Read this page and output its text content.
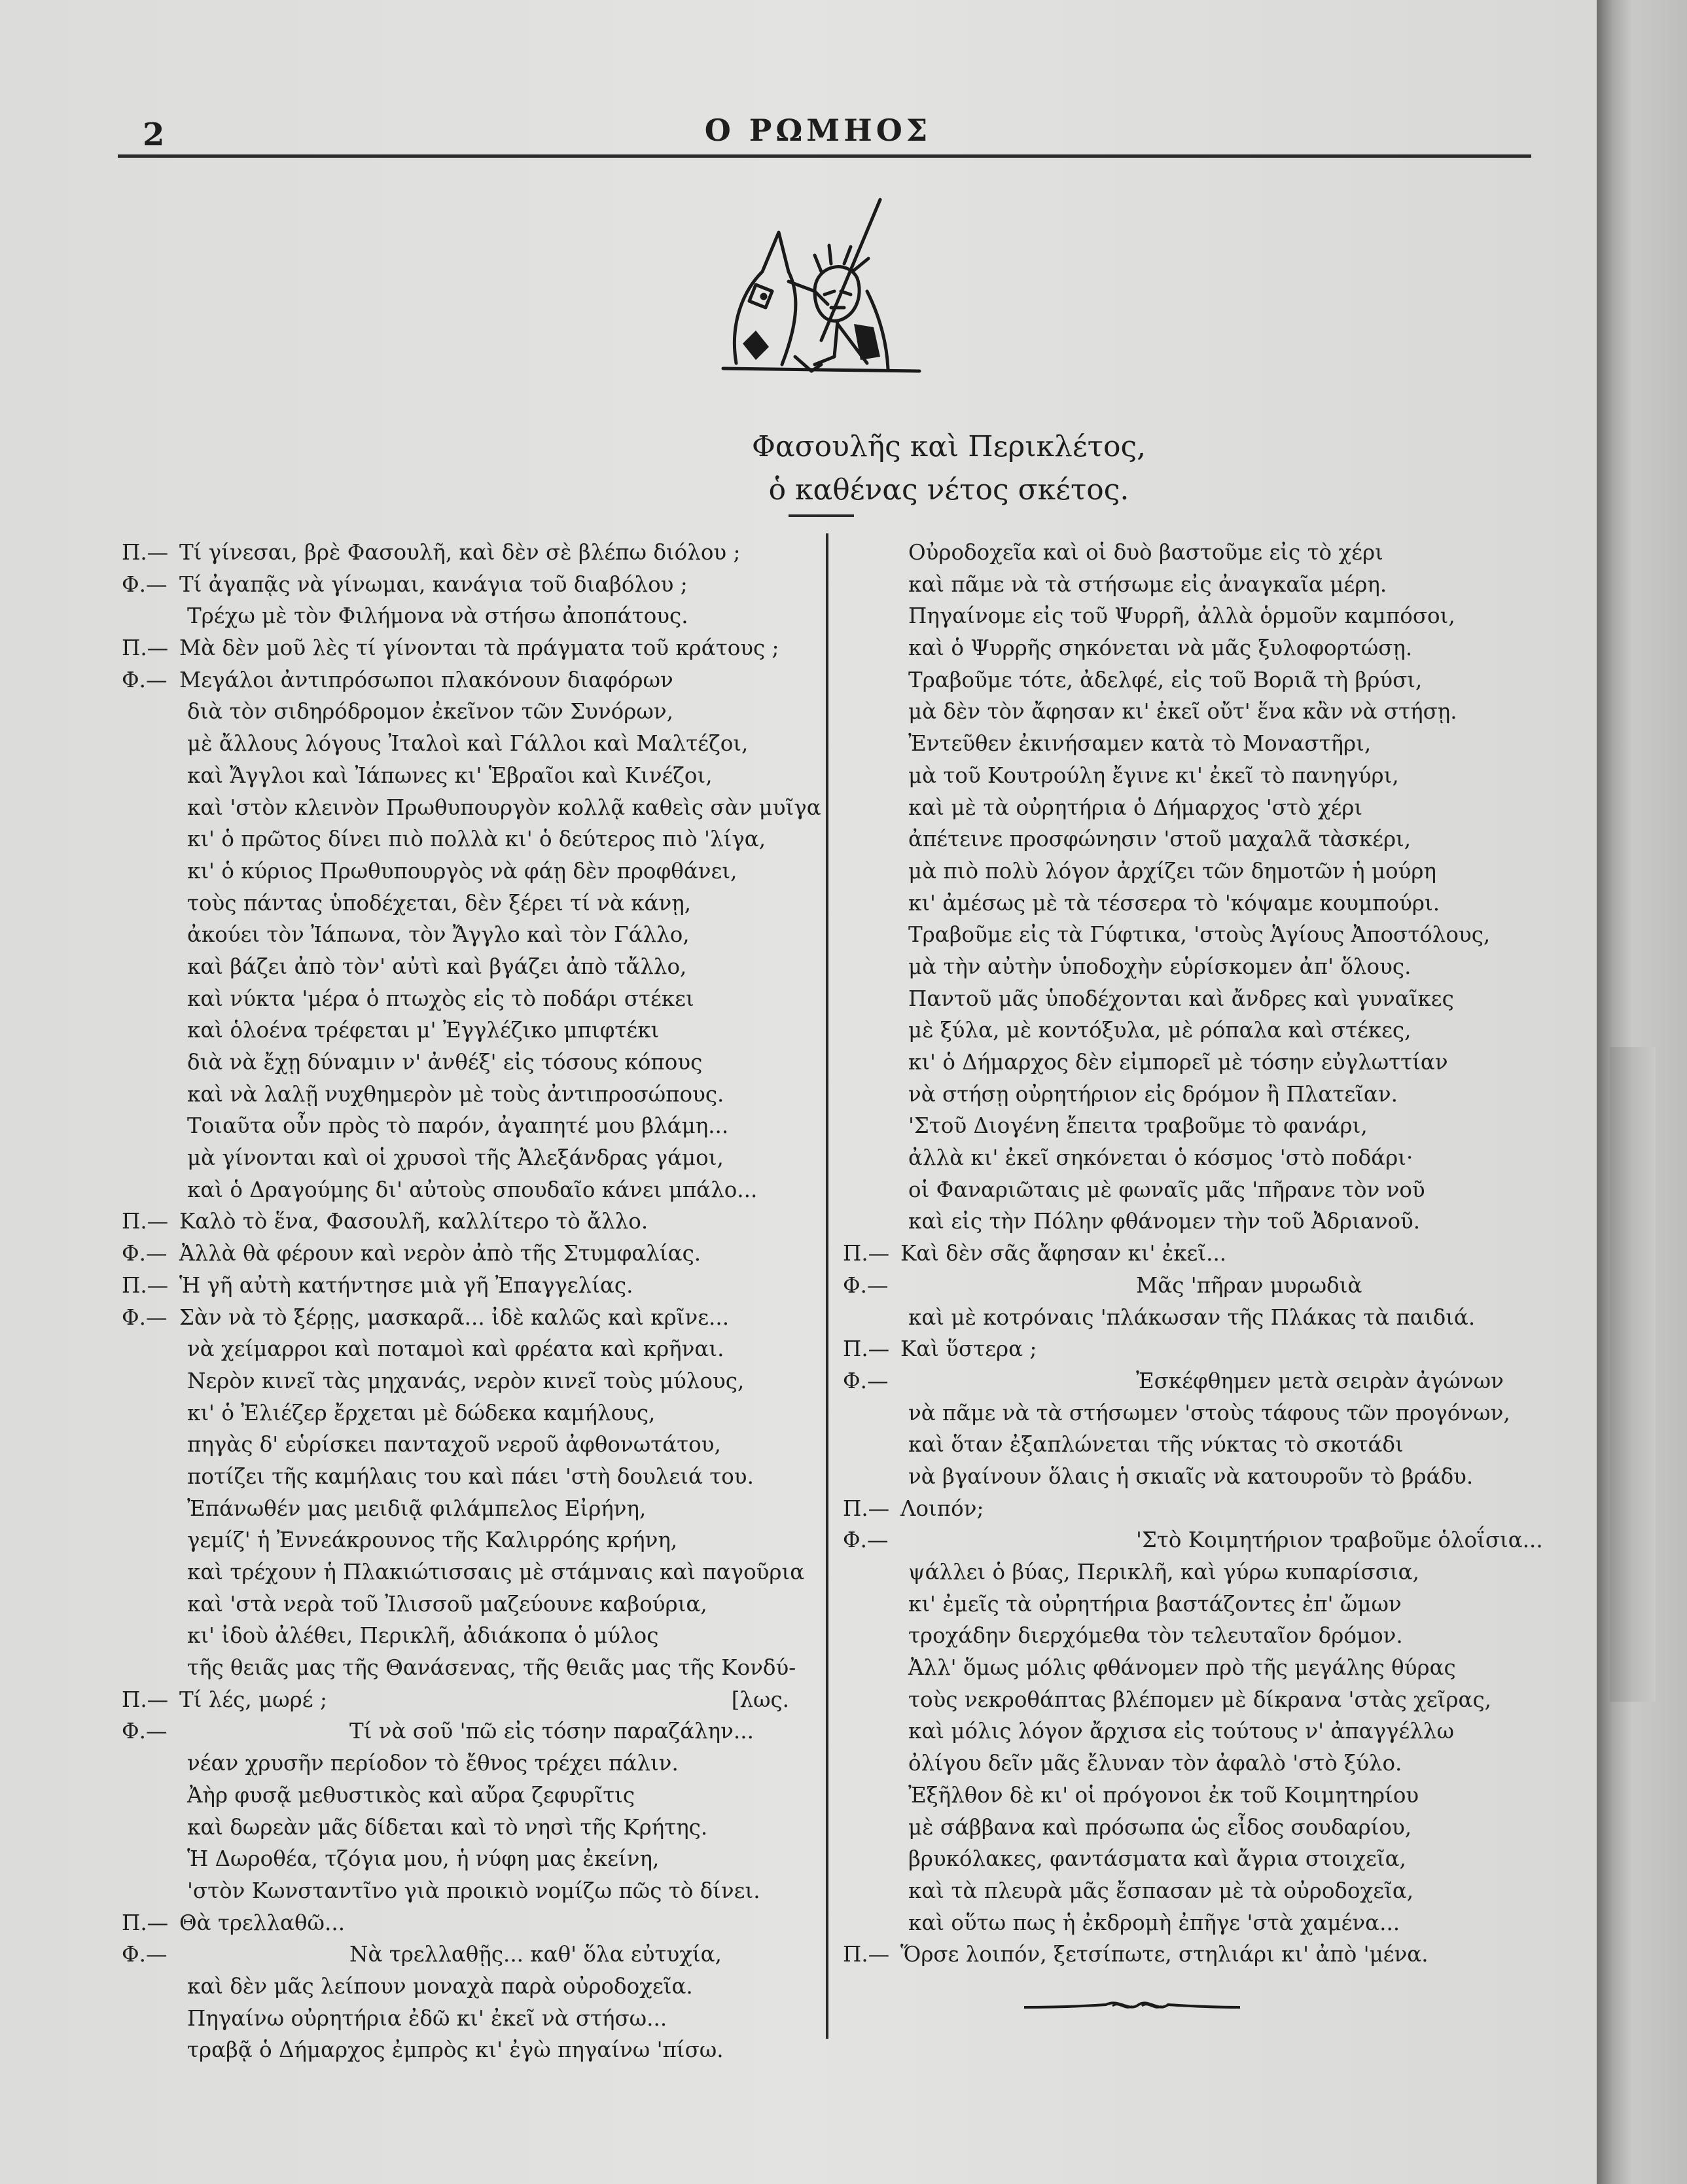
2	Ο ΡΩΜΗΟΣ
Φασουλῆς καὶ Περικλέτος,
ὁ καθένας νέτος σκέτος.
Π.— Τί γίνεσαι, βρὲ Φασουλῆ, καὶ δὲν σὲ βλέπω διόλου ;
Φ.— Τί ἀγαπᾷς νὰ γίνωμαι, κανάγια τοῦ διαβόλου ;
Τρέχω μὲ τὸν Φιλήμονα νὰ στήσω ἀποπάτους.
Π.— Μὰ δὲν μοῦ λὲς τί γίνονται τὰ πράγματα τοῦ κράτους ;
Φ.— Μεγάλοι ἀντιπρόσωποι πλακόνουν διαφόρων
διὰ τὸν σιδηρόδρομον ἐκεῖνον τῶν Συνόρων,
μὲ ἄλλους λόγους Ἰταλοὶ καὶ Γάλλοι καὶ Μαλτέζοι,
καὶ Ἄγγλοι καὶ Ἰάπωνες κι' Ἑβραῖοι καὶ Κινέζοι,
καὶ 'στὸν κλεινὸν Πρωθυπουργὸν κολλᾷ καθεὶς σὰν μυῖγα
κι' ὁ πρῶτος δίνει πιὸ πολλὰ κι' ὁ δεύτερος πιὸ 'λίγα,
κι' ὁ κύριος Πρωθυπουργὸς νὰ φάῃ δὲν προφθάνει,
τοὺς πάντας ὑποδέχεται, δὲν ξέρει τί νὰ κάνῃ,
ἀκούει τὸν Ἰάπωνα, τὸν Ἄγγλο καὶ τὸν Γάλλο,
καὶ βάζει ἀπὸ τὸν' αὐτὶ καὶ βγάζει ἀπὸ τἄλλο,
καὶ νύκτα 'μέρα ὁ πτωχὸς εἰς τὸ ποδάρι στέκει
καὶ ὁλοένα τρέφεται μ' Ἐγγλέζικο μπιφτέκι
διὰ νὰ ἔχῃ δύναμιν ν' ἀνθέξ' εἰς τόσους κόπους
καὶ νὰ λαλῇ νυχθημερὸν μὲ τοὺς ἀντιπροσώπους.
Τοιαῦτα οὖν πρὸς τὸ παρόν, ἀγαπητέ μου βλάμη...
μὰ γίνονται καὶ οἱ χρυσοὶ τῆς Ἀλεξάνδρας γάμοι,
καὶ ὁ Δραγούμης δι' αὐτοὺς σπουδαῖο κάνει μπάλο...
Π.— Καλὸ τὸ ἕνα, Φασουλῆ, καλλίτερο τὸ ἄλλο.
Φ.— Ἀλλὰ θὰ φέρουν καὶ νερὸν ἀπὸ τῆς Στυμφαλίας.
Π.— Ἡ γῆ αὐτὴ κατήντησε μιὰ γῆ Ἐπαγγελίας.
Φ.— Σὰν νὰ τὸ ξέρῃς, μασκαρᾶ... ἰδὲ καλῶς καὶ κρῖνε...
νὰ χείμαρροι καὶ ποταμοὶ καὶ φρέατα καὶ κρῆναι.
Νερὸν κινεῖ τὰς μηχανάς, νερὸν κινεῖ τοὺς μύλους,
κι' ὁ Ἐλιέζερ ἔρχεται μὲ δώδεκα καμήλους,
πηγὰς δ' εὑρίσκει πανταχοῦ νεροῦ ἀφθονωτάτου,
ποτίζει τῆς καμήλαις του καὶ πάει 'στὴ δουλειά του.
Ἐπάνωθέν μας μειδιᾷ φιλάμπελος Εἰρήνη,
γεμίζ' ἡ Ἐννεάκρουνος τῆς Καλιρρόης κρήνη,
καὶ τρέχουν ἡ Πλακιώτισσαις μὲ στάμναις καὶ παγοῦρια
καὶ 'στὰ νερὰ τοῦ Ἰλισσοῦ μαζεύουνε καβούρια,
κι' ἰδοὺ ἀλέθει, Περικλῆ, ἀδιάκοπα ὁ μύλος
τῆς θειᾶς μας τῆς Θανάσενας, τῆς θειᾶς μας τῆς Κονδύ-
Π.— Τί λές, μωρέ ;	[λως.
Φ.—	Τί νὰ σοῦ 'πῶ εἰς τόσην παραζάλην...
νέαν χρυσῆν περίοδον τὸ ἔθνος τρέχει πάλιν.
Ἀὴρ φυσᾷ μεθυστικὸς καὶ αὔρα ζεφυρῖτις
καὶ δωρεὰν μᾶς δίδεται καὶ τὸ νησὶ τῆς Κρήτης.
Ἡ Δωροθέα, τζόγια μου, ἡ νύφη μας ἐκείνη,
'στὸν Κωνσταντῖνο γιὰ προικιὸ νομίζω πῶς τὸ δίνει.
Π.— Θὰ τρελλαθῶ...
Φ.—	Νὰ τρελλαθῇς... καθ' ὅλα εὐτυχία,
καὶ δὲν μᾶς λείπουν μοναχὰ παρὰ οὐροδοχεῖα.
Πηγαίνω οὐρητήρια ἐδῶ κι' ἐκεῖ νὰ στήσω...
τραβᾷ ὁ Δήμαρχος ἐμπρὸς κι' ἐγὼ πηγαίνω 'πίσω.
Οὐροδοχεῖα καὶ οἱ δυὸ βαστοῦμε εἰς τὸ χέρι
καὶ πᾶμε νὰ τὰ στήσωμε εἰς ἀναγκαῖα μέρη.
Πηγαίνομε εἰς τοῦ Ψυρρῆ, ἀλλὰ ὁρμοῦν καμπόσοι,
καὶ ὁ Ψυρρῆς σηκόνεται νὰ μᾶς ξυλοφορτώσῃ.
Τραβοῦμε τότε, ἀδελφέ, εἰς τοῦ Βοριᾶ τὴ βρύσι,
μὰ δὲν τὸν ἄφησαν κι' ἐκεῖ οὔτ' ἕνα κἂν νὰ στήσῃ.
Ἐντεῦθεν ἐκινήσαμεν κατὰ τὸ Μοναστῆρι,
μὰ τοῦ Κουτρούλη ἔγινε κι' ἐκεῖ τὸ πανηγύρι,
καὶ μὲ τὰ οὐρητήρια ὁ Δήμαρχος 'στὸ χέρι
ἀπέτεινε προσφώνησιν 'στοῦ μαχαλᾶ τὰσκέρι,
μὰ πιὸ πολὺ λόγον ἀρχίζει τῶν δημοτῶν ἡ μούρη
κι' ἀμέσως μὲ τὰ τέσσερα τὸ 'κόψαμε κουμπούρι.
Τραβοῦμε εἰς τὰ Γύφτικα, 'στοὺς Ἁγίους Ἀποστόλους,
μὰ τὴν αὐτὴν ὑποδοχὴν εὑρίσκομεν ἀπ' ὅλους.
Παντοῦ μᾶς ὑποδέχονται καὶ ἄνδρες καὶ γυναῖκες
μὲ ξύλα, μὲ κοντόξυλα, μὲ ρόπαλα καὶ στέκες,
κι' ὁ Δήμαρχος δὲν εἰμπορεῖ μὲ τόσην εὐγλωττίαν
νὰ στήσῃ οὐρητήριον εἰς δρόμον ἢ Πλατεῖαν.
'Στοῦ Διογένη ἔπειτα τραβοῦμε τὸ φανάρι,
ἀλλὰ κι' ἐκεῖ σηκόνεται ὁ κόσμος 'στὸ ποδάρι·
οἱ Φαναριῶταις μὲ φωναῖς μᾶς 'πῆρανε τὸν νοῦ
καὶ εἰς τὴν Πόλην φθάνομεν τὴν τοῦ Ἀδριανοῦ.
Π.— Καὶ δὲν σᾶς ἄφησαν κι' ἐκεῖ...
Φ.—	Μᾶς 'πῆραν μυρωδιὰ
καὶ μὲ κοτρόναις 'πλάκωσαν τῆς Πλάκας τὰ παιδιά.
Π.— Καὶ ὕστερα ;
Φ.—	Ἐσκέφθημεν μετὰ σειρὰν ἀγώνων
νὰ πᾶμε νὰ τὰ στήσωμεν 'στοὺς τάφους τῶν προγόνων,
καὶ ὅταν ἐξαπλώνεται τῆς νύκτας τὸ σκοτάδι
νὰ βγαίνουν ὅλαις ἡ σκιαῖς νὰ κατουροῦν τὸ βράδυ.
Π.— Λοιπόν;
Φ.—	'Στὸ Κοιμητήριον τραβοῦμε ὁλοΐσια...
ψάλλει ὁ βύας, Περικλῆ, καὶ γύρω κυπαρίσσια,
κι' ἐμεῖς τὰ οὐρητήρια βαστάζοντες ἐπ' ὤμων
τροχάδην διερχόμεθα τὸν τελευταῖον δρόμον.
Ἀλλ' ὅμως μόλις φθάνομεν πρὸ τῆς μεγάλης θύρας
τοὺς νεκροθάπτας βλέπομεν μὲ δίκρανα 'στὰς χεῖρας,
καὶ μόλις λόγον ἄρχισα εἰς τούτους ν' ἀπαγγέλλω
ὀλίγου δεῖν μᾶς ἔλυναν τὸν ἀφαλὸ 'στὸ ξύλο.
Ἐξῆλθον δὲ κι' οἱ πρόγονοι ἐκ τοῦ Κοιμητηρίου
μὲ σάββανα καὶ πρόσωπα ὡς εἶδος σουδαρίου,
βρυκόλακες, φαντάσματα καὶ ἄγρια στοιχεῖα,
καὶ τὰ πλευρὰ μᾶς ἔσπασαν μὲ τὰ οὐροδοχεῖα,
καὶ οὕτω πως ἡ ἐκδρομὴ ἐπῆγε 'στὰ χαμένα...
Π.— Ὅρσε λοιπόν, ξετσίπωτε, στηλιάρι κι' ἀπὸ 'μένα.
